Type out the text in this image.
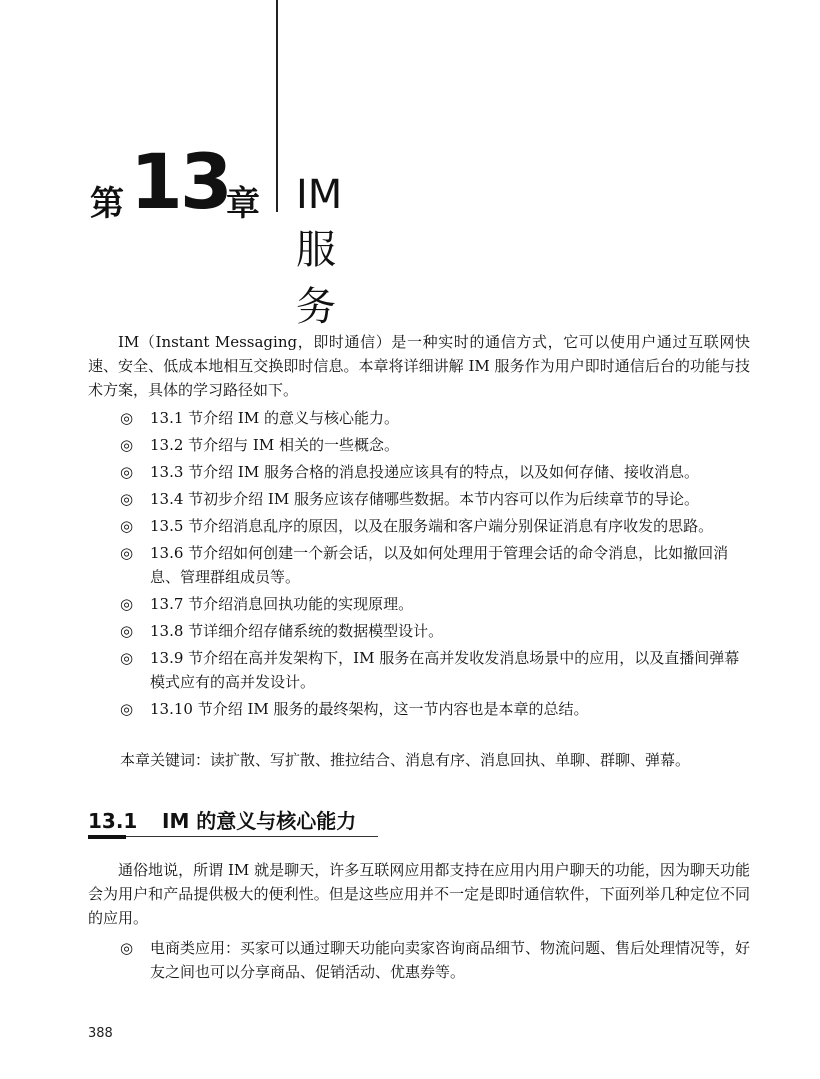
第 13
章 IM服务

IM（Instant Messaging，即时通信）是一种实时的通信方式，它可以使用户通过互联网快速、安全、低成本地相互交换即时信息。本章将详细讲解 IM 服务作为用户即时通信后台的功能与技术方案，具体的学习路径如下。

◎ 13.1 节介绍 IM 的意义与核心能力。
◎ 13.2 节介绍与 IM 相关的一些概念。
◎ 13.3 节介绍 IM 服务合格的消息投递应该具有的特点，以及如何存储、接收消息。
◎ 13.4 节初步介绍 IM 服务应该存储哪些数据。本节内容可以作为后续章节的导论。
◎ 13.5 节介绍消息乱序的原因，以及在服务端和客户端分别保证消息有序收发的思路。
◎ 13.6 节介绍如何创建一个新会话，以及如何处理用于管理会话的命令消息，比如撤回消息、管理群组成员等。
◎ 13.7 节介绍消息回执功能的实现原理。
◎ 13.8 节详细介绍存储系统的数据模型设计。
◎ 13.9 节介绍在高并发架构下，IM 服务在高并发收发消息场景中的应用，以及直播间弹幕模式应有的高并发设计。
◎ 13.10 节介绍 IM 服务的最终架构，这一节内容也是本章的总结。

本章关键词：读扩散、写扩散、推拉结合、消息有序、消息回执、单聊、群聊、弹幕。

13.1 IM 的意义与核心能力

通俗地说，所谓 IM 就是聊天，许多互联网应用都支持在应用内用户聊天的功能，因为聊天功能会为用户和产品提供极大的便利性。但是这些应用并不一定是即时通信软件，下面列举几种定位不同的应用。

◎ 电商类应用：买家可以通过聊天功能向卖家咨询商品细节、物流问题、售后处理情况等，好友之间也可以分享商品、促销活动、优惠券等。
388
